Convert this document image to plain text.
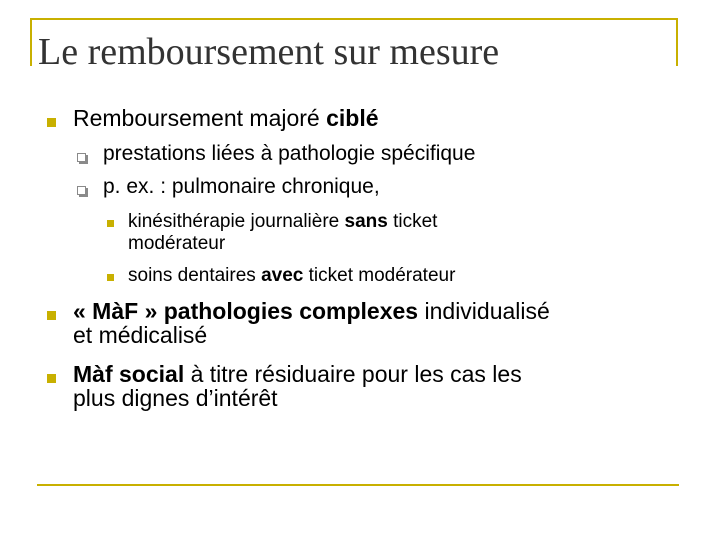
Le remboursement sur mesure
Remboursement majoré ciblé
prestations liées à pathologie spécifique
p. ex. : pulmonaire chronique,
kinésithérapie journalière sans ticket
modérateur
soins dentaires avec ticket modérateur
« MàF » pathologies complexes individualisé
et médicalisé
Màf social à titre résiduaire pour les cas les
plus dignes d’intérêt
